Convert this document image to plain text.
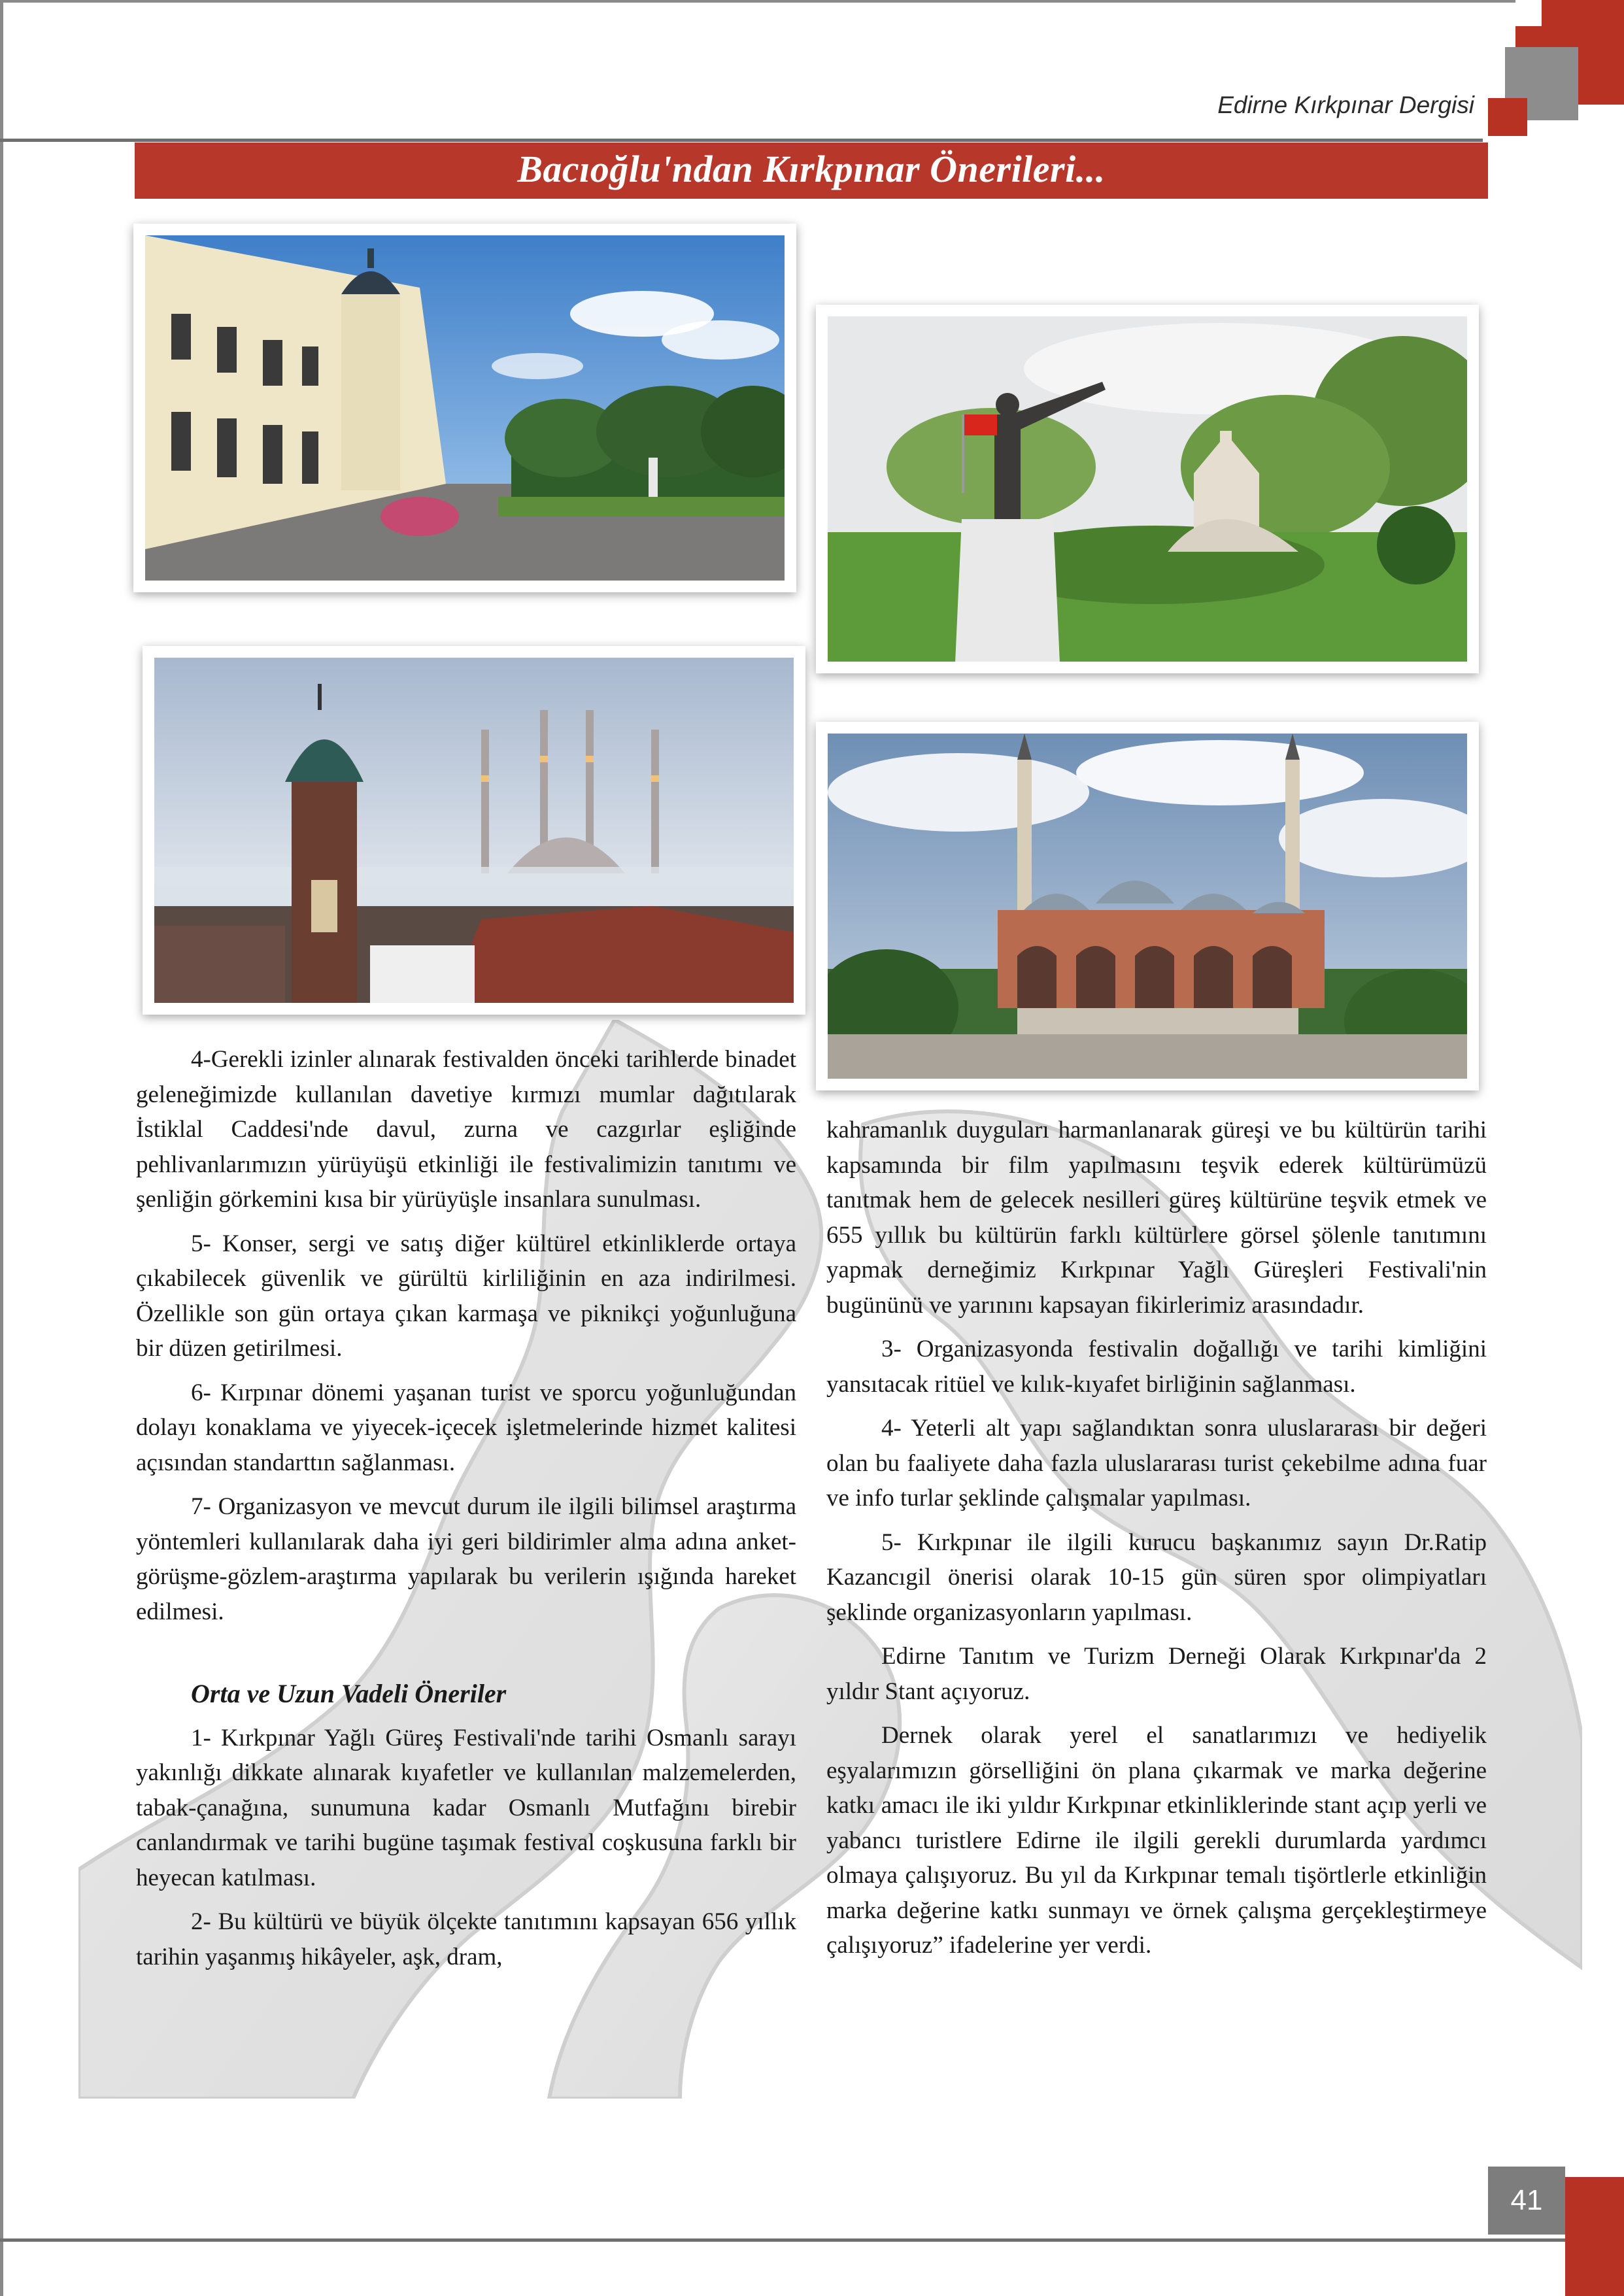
Edirne Kırkpınar Dergisi
Bacıoğlu'ndan Kırkpınar Önerileri...

4-Gerekli izinler alınarak festivalden önceki tarihlerde binadet geleneğimizde kullanılan davetiye kırmızı mumlar dağıtılarak İstiklal Caddesi'nde davul, zurna ve cazgırlar eşliğinde pehlivanlarımızın yürüyüşü etkinliği ile festivalimizin tanıtımı ve şenliğin görkemini kısa bir yürüyüşle insanlara sunulması.

5- Konser, sergi ve satış diğer kültürel etkinliklerde ortaya çıkabilecek güvenlik ve gürültü kirliliğinin en aza indirilmesi. Özellikle son gün ortaya çıkan karmaşa ve piknikçi yoğunluğuna bir düzen getirilmesi.

6- Kırpınar dönemi yaşanan turist ve sporcu yoğunluğundan dolayı konaklama ve yiyecek-içecek işletmelerinde hizmet kalitesi açısından standarttın sağlanması.

7- Organizasyon ve mevcut durum ile ilgili bilimsel araştırma yöntemleri kullanılarak daha iyi geri bildirimler alma adına anket-görüşme-gözlem-araştırma yapılarak bu verilerin ışığında hareket edilmesi.

Orta ve Uzun Vadeli Öneriler

1- Kırkpınar Yağlı Güreş Festivali'nde tarihi Osmanlı sarayı yakınlığı dikkate alınarak kıyafetler ve kullanılan malzemelerden, tabak-çanağına, sunumuna kadar Osmanlı Mutfağını birebir canlandırmak ve tarihi bugüne taşımak festival coşkusuna farklı bir heyecan katılması.

2- Bu kültürü ve büyük ölçekte tanıtımını kapsayan 656 yıllık tarihin yaşanmış hikâyeler, aşk, dram,

kahramanlık duyguları harmanlanarak güreşi ve bu kültürün tarihi kapsamında bir film yapılmasını teşvik ederek kültürümüzü tanıtmak hem de gelecek nesilleri güreş kültürüne teşvik etmek ve 655 yıllık bu kültürün farklı kültürlere görsel şölenle tanıtımını yapmak derneğimiz Kırkpınar Yağlı Güreşleri Festivali'nin bugününü ve yarınını kapsayan fikirlerimiz arasındadır.

3- Organizasyonda festivalin doğallığı ve tarihi kimliğini yansıtacak ritüel ve kılık-kıyafet birliğinin sağlanması.

4- Yeterli alt yapı sağlandıktan sonra uluslararası bir değeri olan bu faaliyete daha fazla uluslararası turist çekebilme adına fuar ve info turlar şeklinde çalışmalar yapılması.

5- Kırkpınar ile ilgili kurucu başkanımız sayın Dr.Ratip Kazancıgil önerisi olarak 10-15 gün süren spor olimpiyatları şeklinde organizasyonların yapılması.

Edirne Tanıtım ve Turizm Derneği Olarak Kırkpınar'da 2 yıldır Stant açıyoruz.

Dernek olarak yerel el sanatlarımızı ve hediyelik eşyalarımızın görselliğini ön plana çıkarmak ve marka değerine katkı amacı ile iki yıldır Kırkpınar etkinliklerinde stant açıp yerli ve yabancı turistlere Edirne ile ilgili gerekli durumlarda yardımcı olmaya çalışıyoruz. Bu yıl da Kırkpınar temalı tişörtlerle etkinliğin marka değerine katkı sunmayı ve örnek çalışma gerçekleştirmeye çalışıyoruz” ifadelerine yer verdi.

41
